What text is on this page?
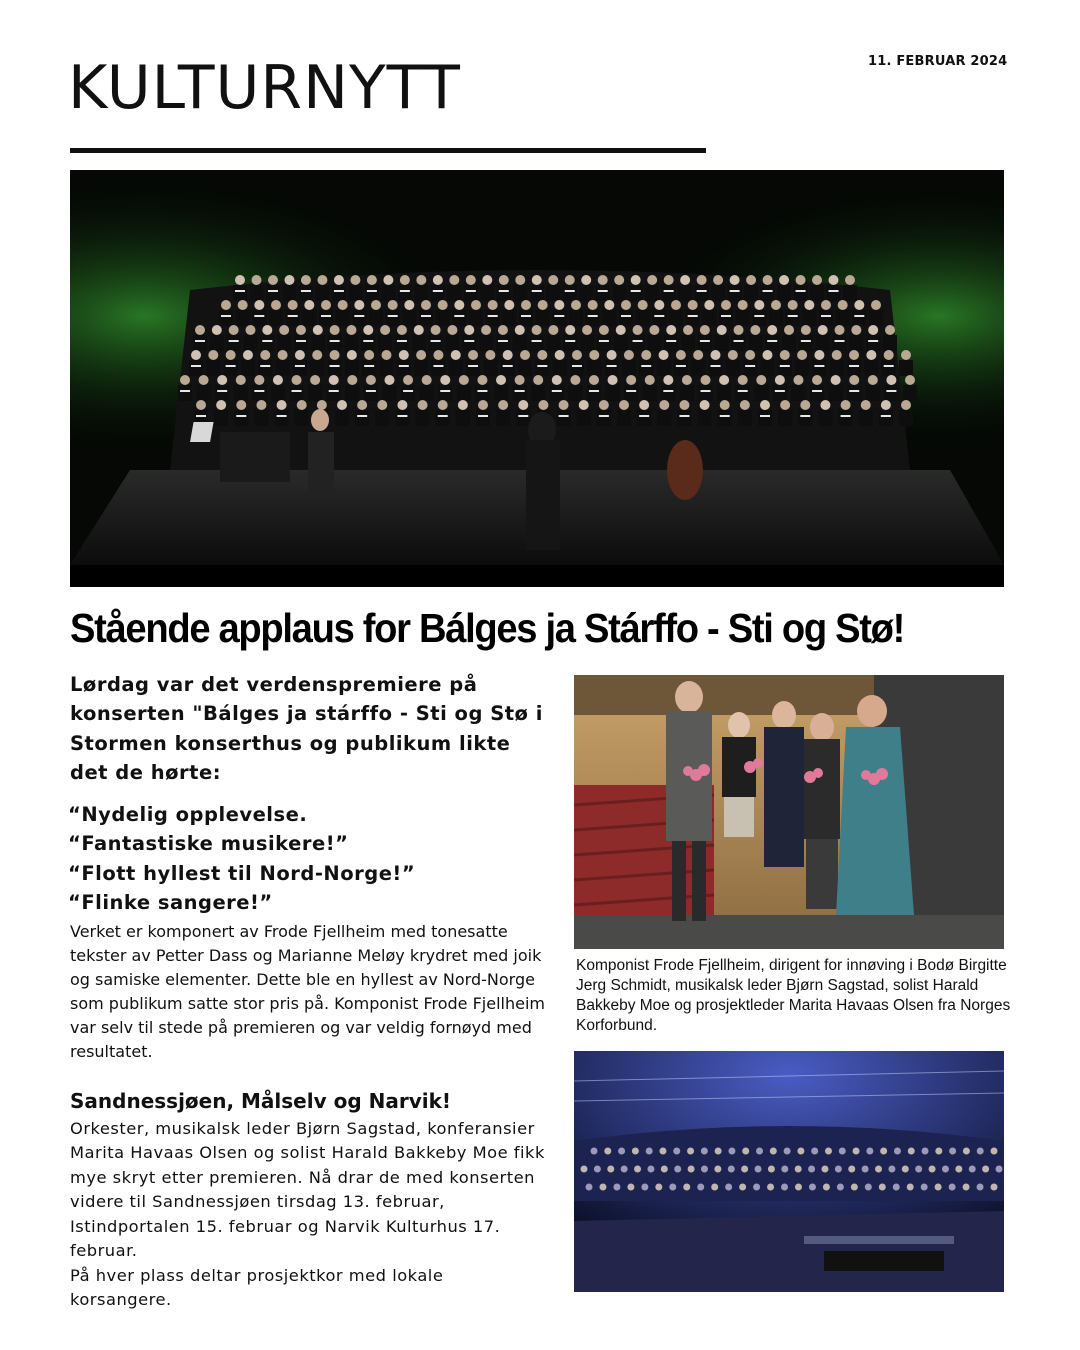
11. FEBRUAR 2024
KULTURNYTT
Stående applaus for Bálges ja Stárffo - Sti og Stø!

Lørdag var det verdenspremiere på konserten "Bálges ja stárffo - Sti og Stø i Stormen konserthus og publikum likte det de hørte:

“Nydelig opplevelse.
“Fantastiske musikere!”
“Flott hyllest til Nord-Norge!”
“Flinke sangere!”
Verket er komponert av Frode Fjellheim med tonesatte tekster av Petter Dass og Marianne Meløy krydret med joik og samiske elementer. Dette ble en hyllest av Nord-Norge som publikum satte stor pris på. Komponist Frode Fjellheim var selv til stede på premieren og var veldig fornøyd med resultatet.
Sandnessjøen, Målselv og Narvik!
Orkester, musikalsk leder Bjørn Sagstad, konferansier Marita Havaas Olsen og solist Harald Bakkeby Moe fikk mye skryt etter premieren. Nå drar de med konserten videre til Sandnessjøen tirsdag 13. februar, Istindportalen 15. februar og Narvik Kulturhus 17. februar.
På hver plass deltar prosjektkor med lokale korsangere.
Komponist Frode Fjellheim, dirigent for innøving i Bodø Birgitte Jerg Schmidt, musikalsk leder Bjørn Sagstad, solist Harald Bakkeby Moe og prosjektleder Marita Havaas Olsen fra Norges Korforbund.
